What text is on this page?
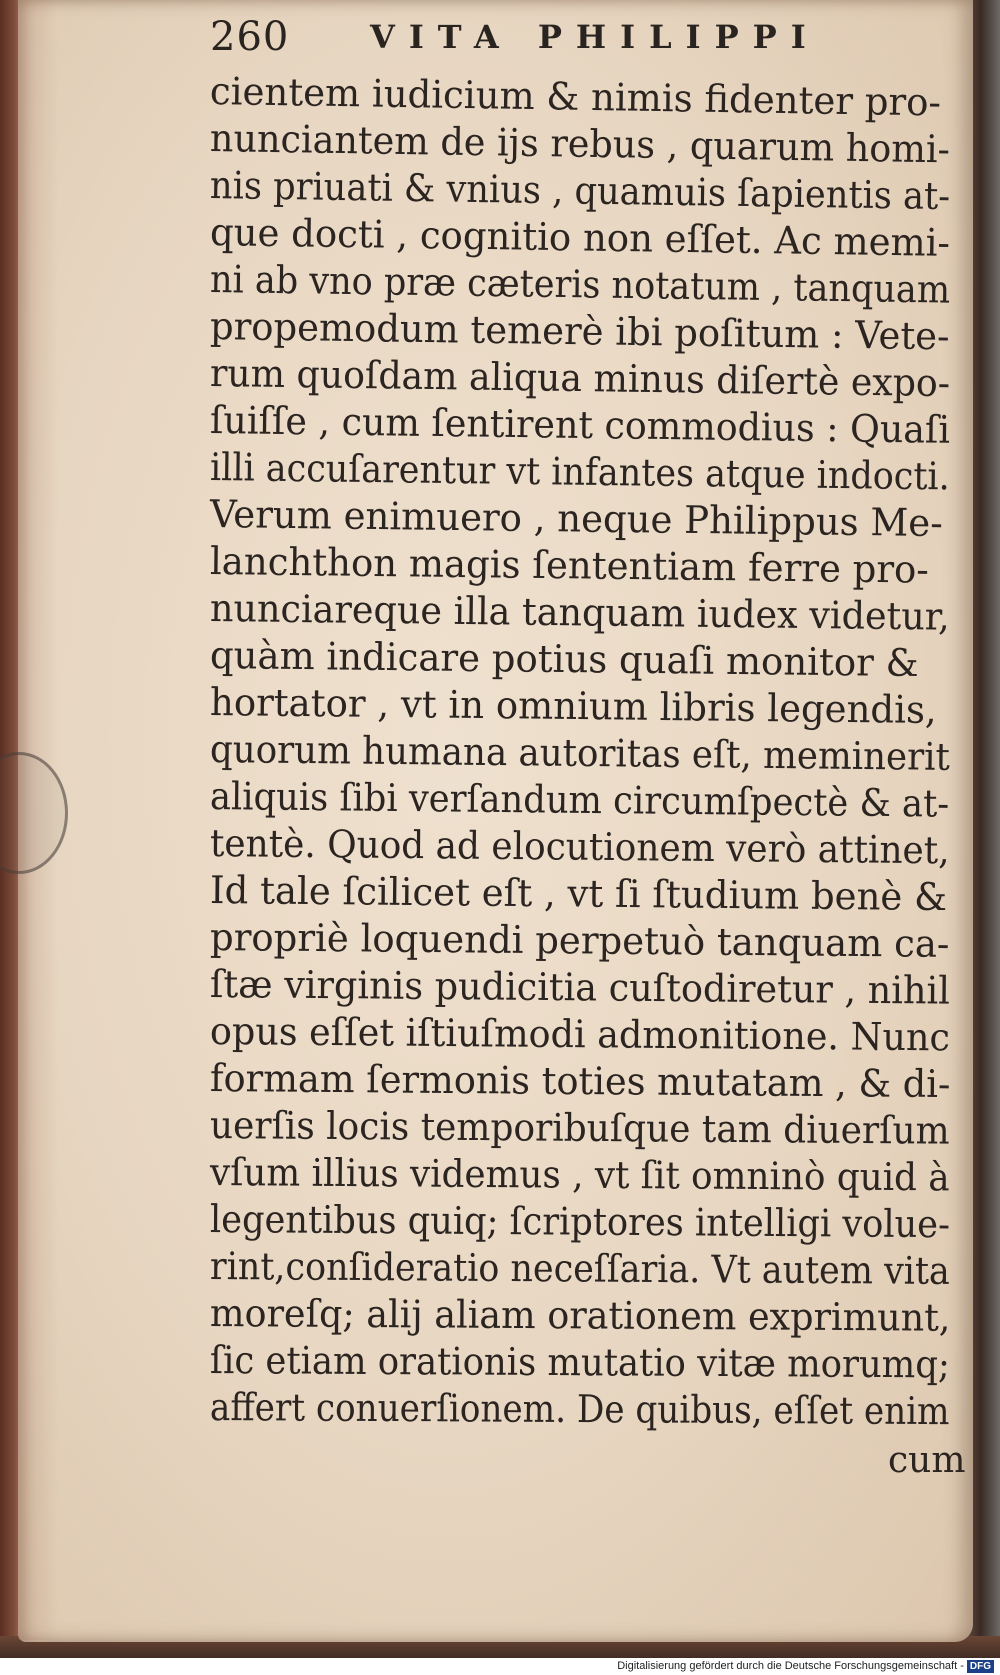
260	VITA PHILIPPI
cientem iudicium & nimis fidenter pro-
nunciantem de ijs rebus , quarum homi-
nis priuati & vnius , quamuis ſapientis at-
que docti , cognitio non eſſet. Ac memi-
ni ab vno præ cæteris notatum , tanquam
propemodum temerè ibi poſitum : Vete-
rum quoſdam aliqua minus diſertè expo-
ſuiſſe , cum ſentirent commodius : Quaſi
illi accuſarentur vt infantes atque indocti.
Verum enimuero , neque Philippus Me-
lanchthon magis ſententiam ferre pro-
nunciareque illa tanquam iudex videtur,
quàm indicare potius quaſi monitor &
hortator , vt in omnium libris legendis,
quorum humana autoritas eſt, meminerit
aliquis ſibi verſandum circumſpectè & at-
tentè. Quod ad elocutionem verò attinet,
Id tale ſcilicet eſt , vt ſi ſtudium benè &
propriè loquendi perpetuò tanquam ca-
ſtæ virginis pudicitia cuſtodiretur , nihil
opus eſſet iſtiuſmodi admonitione. Nunc
formam ſermonis toties mutatam , & di-
uerſis locis temporibuſque tam diuerſum
vſum illius videmus , vt ſit omninò quid à
legentibus quiq; ſcriptores intelligi volue-
rint,conſideratio neceſſaria. Vt autem vita
moreſq; alij aliam orationem exprimunt,
ſic etiam orationis mutatio vitæ morumq;
affert conuerſionem. De quibus, eſſet enim
cum
Digitalisierung gefördert durch die Deutsche Forschungsgemeinschaft - DFG
